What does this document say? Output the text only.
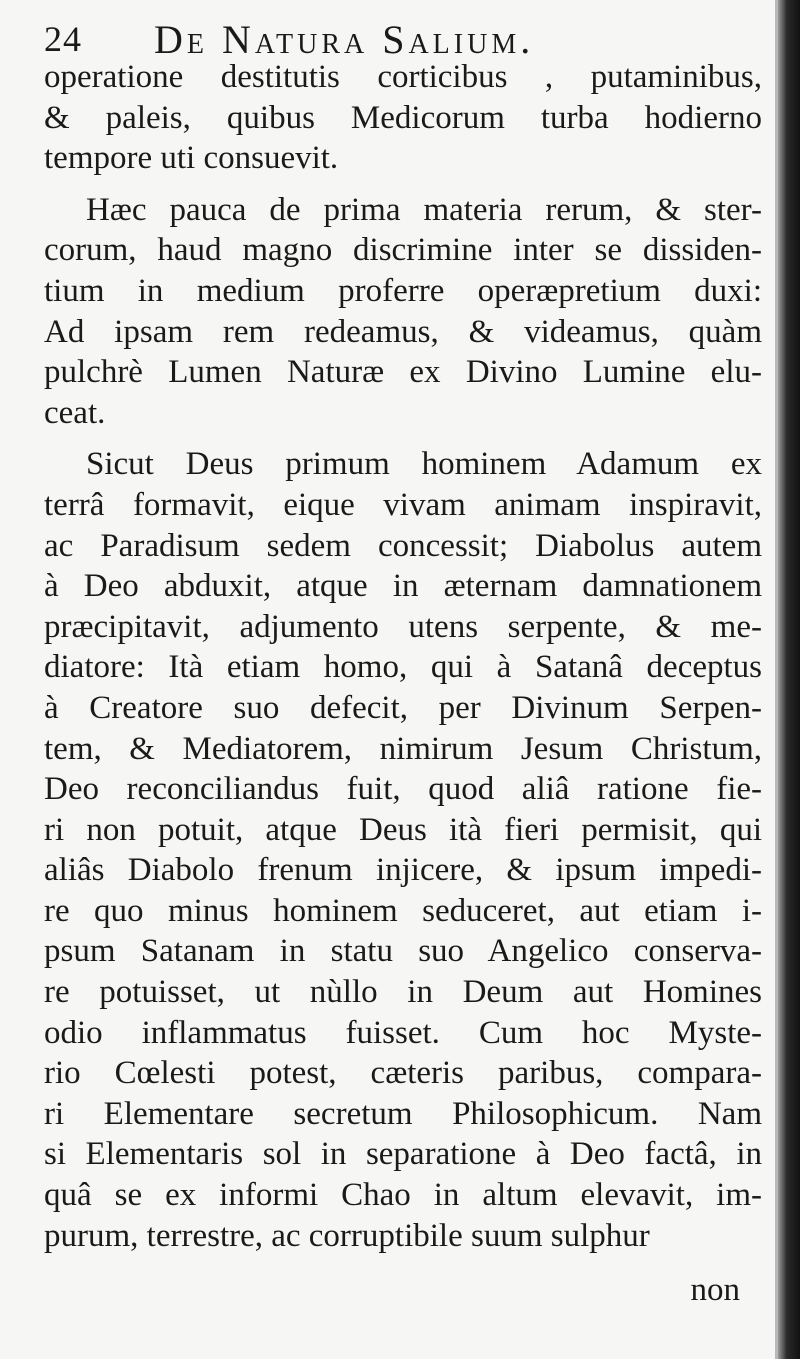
24 De Natura Salium.
operatione destitutis corticibus , putaminibus,
& paleis, quibus Medicorum turba hodierno
tempore uti consuevit.
Hæc pauca de prima materia rerum, & ster-
corum, haud magno discrimine inter se dissiden-
tium in medium proferre operæpretium duxi:
Ad ipsam rem redeamus, & videamus, quàm
pulchrè Lumen Naturæ ex Divino Lumine elu-
ceat.
Sicut Deus primum hominem Adamum ex
terrâ formavit, eique vivam animam inspiravit,
ac Paradisum sedem concessit; Diabolus autem
à Deo abduxit, atque in æternam damnationem
præcipitavit, adjumento utens serpente, & me-
diatore: Ità etiam homo, qui à Satanâ deceptus
à Creatore suo defecit, per Divinum Serpen-
tem, & Mediatorem, nimirum Jesum Christum,
Deo reconciliandus fuit, quod aliâ ratione fie-
ri non potuit, atque Deus ità fieri permisit, qui
aliâs Diabolo frenum injicere, & ipsum impedi-
re quo minus hominem seduceret, aut etiam i-
psum Satanam in statu suo Angelico conserva-
re potuisset, ut nùllo in Deum aut Homines
odio inflammatus fuisset. Cum hoc Myste-
rio Cœlesti potest, cæteris paribus, compara-
ri Elementare secretum Philosophicum. Nam
si Elementaris sol in separatione à Deo factâ, in
quâ se ex informi Chao in altum elevavit, im-
purum, terrestre, ac corruptibile suum sulphur
non
